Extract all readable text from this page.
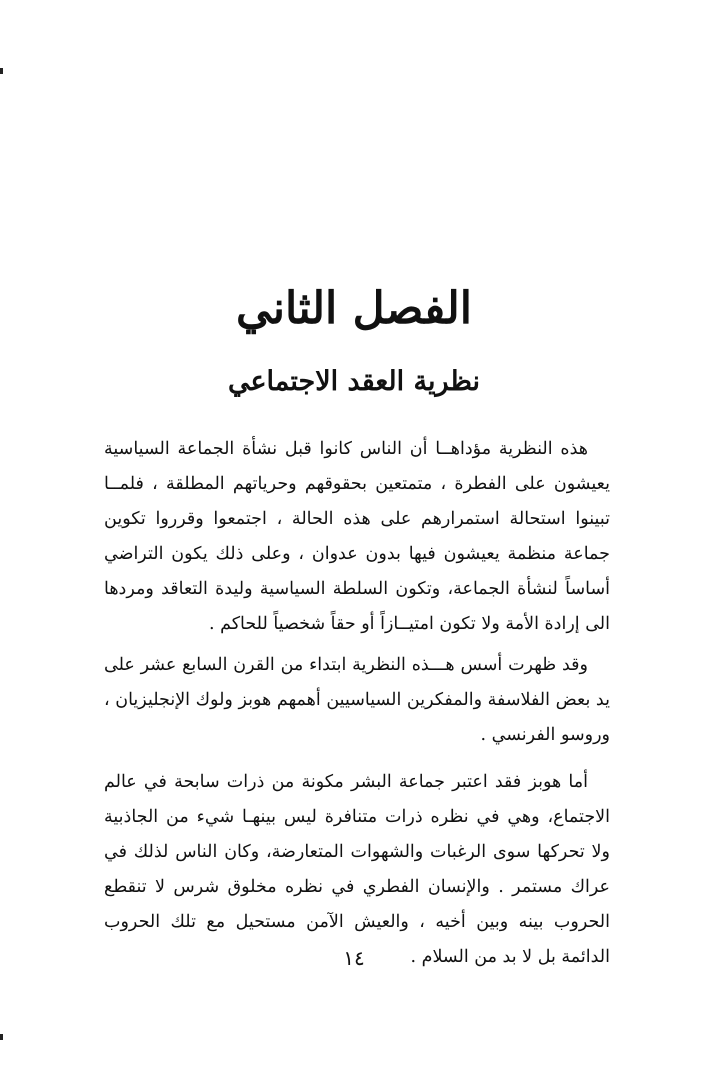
الفصل الثاني
نظرية العقد الاجتماعي

هذه النظرية مؤداهــا أن الناس كانوا قبل نشأة الجماعة السياسية يعيشون على الفطرة ، متمتعين بحقوقهم وحرياتهم المطلقة ، فلمــا تبينوا استحالة استمرارهم على هذه الحالة ، اجتمعوا وقرروا تكوين جماعة منظمة يعيشون فيها بدون عدوان ، وعلى ذلك يكون التراضي أساساً لنشأة الجماعة، وتكون السلطة السياسية وليدة التعاقد ومردها الى إرادة الأمة ولا تكون امتيــازاً أو حقاً شخصياً للحاكم .

وقد ظهرت أسس هـــذه النظرية ابتداء من القرن السابع عشر على يد بعض الفلاسفة والمفكرين السياسيين أهمهم هوبز ولوك الإنجليزيان ، وروسو الفرنسي .

أما هوبز فقد اعتبر جماعة البشر مكونة من ذرات سابحة في عالم الاجتماع، وهي في نظره ذرات متنافرة ليس بينهـا شيء من الجاذبية ولا تحركها سوى الرغبات والشهوات المتعارضة، وكان الناس لذلك في عراك مستمر . والإنسان الفطري في نظره مخلوق شرس لا تنقطع الحروب بينه وبين أخيه ، والعيش الآمن مستحيل مع تلك الحروب الدائمة بل لا بد من السلام .

١٤
